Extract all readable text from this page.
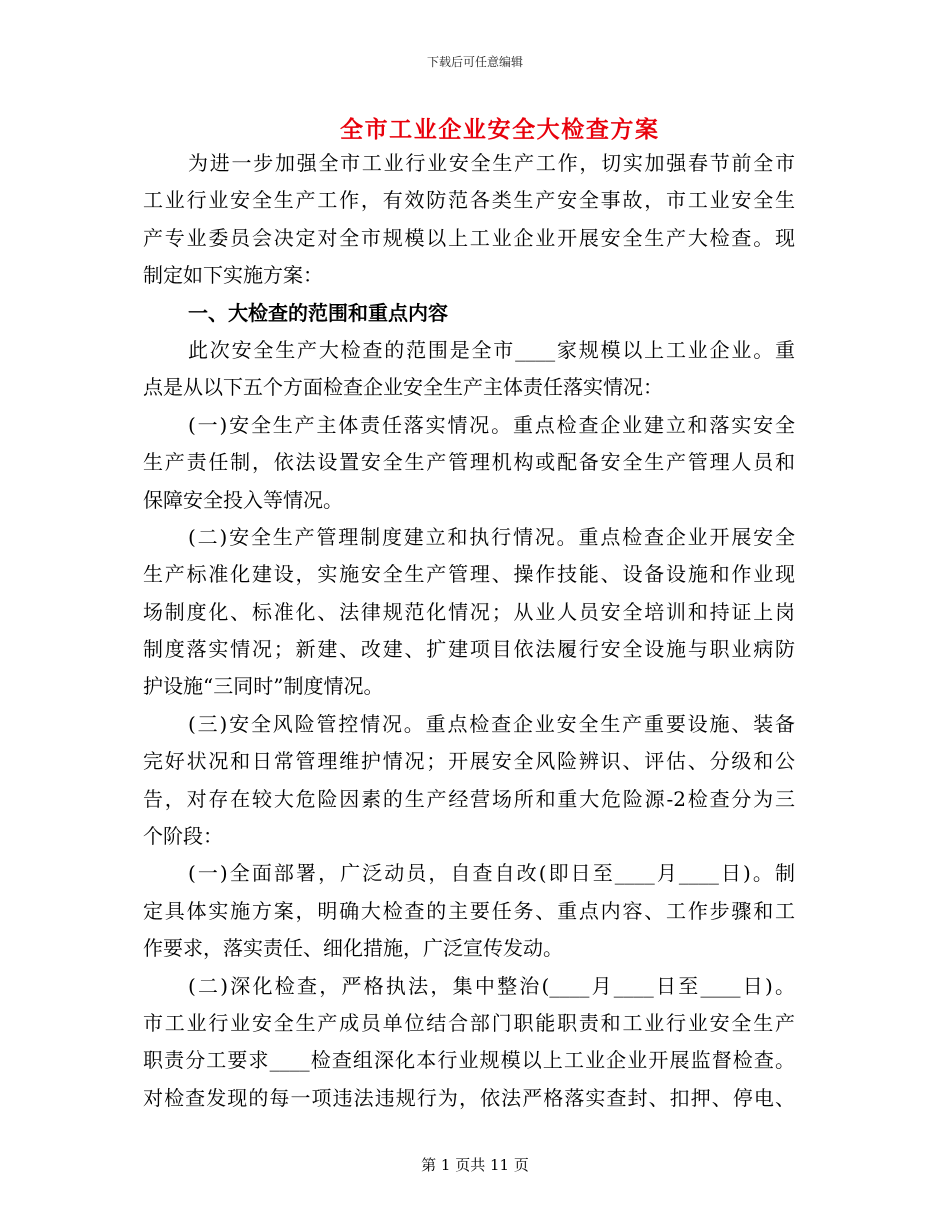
下载后可任意编辑
全市工业企业安全大检查方案
为进一步加强全市工业行业安全生产工作，切实加强春节前全市
工业行业安全生产工作，有效防范各类生产安全事故，市工业安全生
产专业委员会决定对全市规模以上工业企业开展安全生产大检查。现
制定如下实施方案：
一、大检查的范围和重点内容
此次安全生产大检查的范围是全市____家规模以上工业企业。重
点是从以下五个方面检查企业安全生产主体责任落实情况：
(一)安全生产主体责任落实情况。重点检查企业建立和落实安全
生产责任制，依法设置安全生产管理机构或配备安全生产管理人员和
保障安全投入等情况。
(二)安全生产管理制度建立和执行情况。重点检查企业开展安全
生产标准化建设，实施安全生产管理、操作技能、设备设施和作业现
场制度化、标准化、法律规范化情况；从业人员安全培训和持证上岗
制度落实情况；新建、改建、扩建项目依法履行安全设施与职业病防
护设施“三同时”制度情况。
(三)安全风险管控情况。重点检查企业安全生产重要设施、装备
完好状况和日常管理维护情况；开展安全风险辨识、评估、分级和公
告，对存在较大危险因素的生产经营场所和重大危险源-2检查分为三
个阶段：
(一)全面部署，广泛动员，自查自改(即日至____月____日)。制
定具体实施方案，明确大检查的主要任务、重点内容、工作步骤和工
作要求，落实责任、细化措施，广泛宣传发动。
(二)深化检查，严格执法，集中整治(____月____日至____日)。
市工业行业安全生产成员单位结合部门职能职责和工业行业安全生产
职责分工要求____检查组深化本行业规模以上工业企业开展监督检查。
对检查发现的每一项违法违规行为，依法严格落实查封、扣押、停电、
第 1 页共 11 页
